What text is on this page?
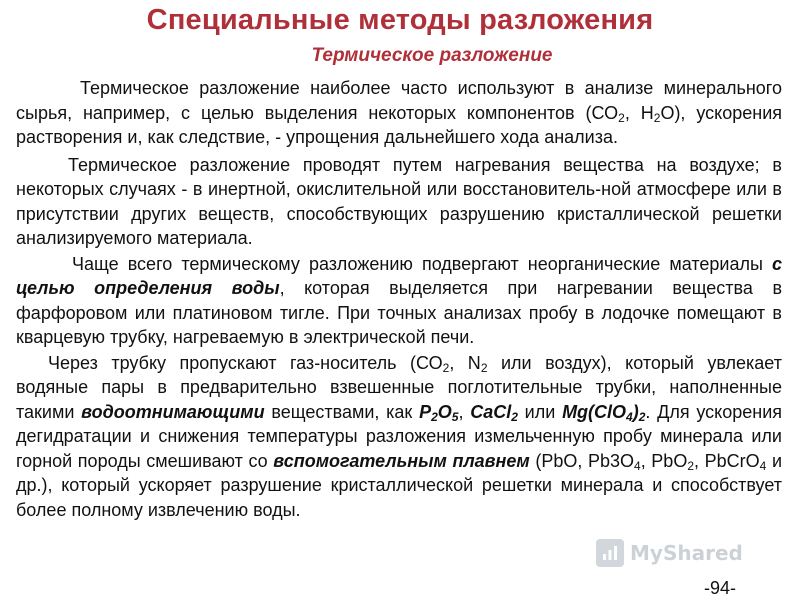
Специальные методы разложения
Термическое разложение

Термическое разложение наиболее часто используют в анализе минерального сырья, например, с целью выделения некоторых компонентов ($СО_2$, $Н_2О$), ускорения растворения и, как следствие, - упрощения дальнейшего хода анализа.

Термическое разложение проводят путем нагревания вещества на воздухе; в некоторых случаях - в инертной, окислительной или восстановитель-ной атмосфере или в присутствии других веществ, способствующих разрушению кристаллической решетки анализируемого материала.

Чаще всего термическому разложению подвергают неорганические материалы с целью определения воды, которая выделяется при нагревании вещества в фарфоровом или платиновом тигле. При точных анализах пробу в лодочке помещают в кварцевую трубку, нагреваемую в электрической печи.

Через трубку пропускают газ-носитель ($СО_2$, $N_2$ или воздух), который увлекает водяные пары в предварительно взвешенные поглотительные трубки, наполненные такими водоотнимающими веществами, как $Р_2О_5$, CaCl$_2$ или $Mg(ClO_4)_2$. Для ускорения дегидратации и снижения температуры разложения измельченную пробу минерала или горной породы смешивают со вспомогательным плавнем (PbO, $Pb3O_4$, PbO$_2$, PbCrO$_4$ и др.), который ускоряет разрушение кристаллической решетки минерала и способствует более полному извлечению воды.

MyShared
-94-
